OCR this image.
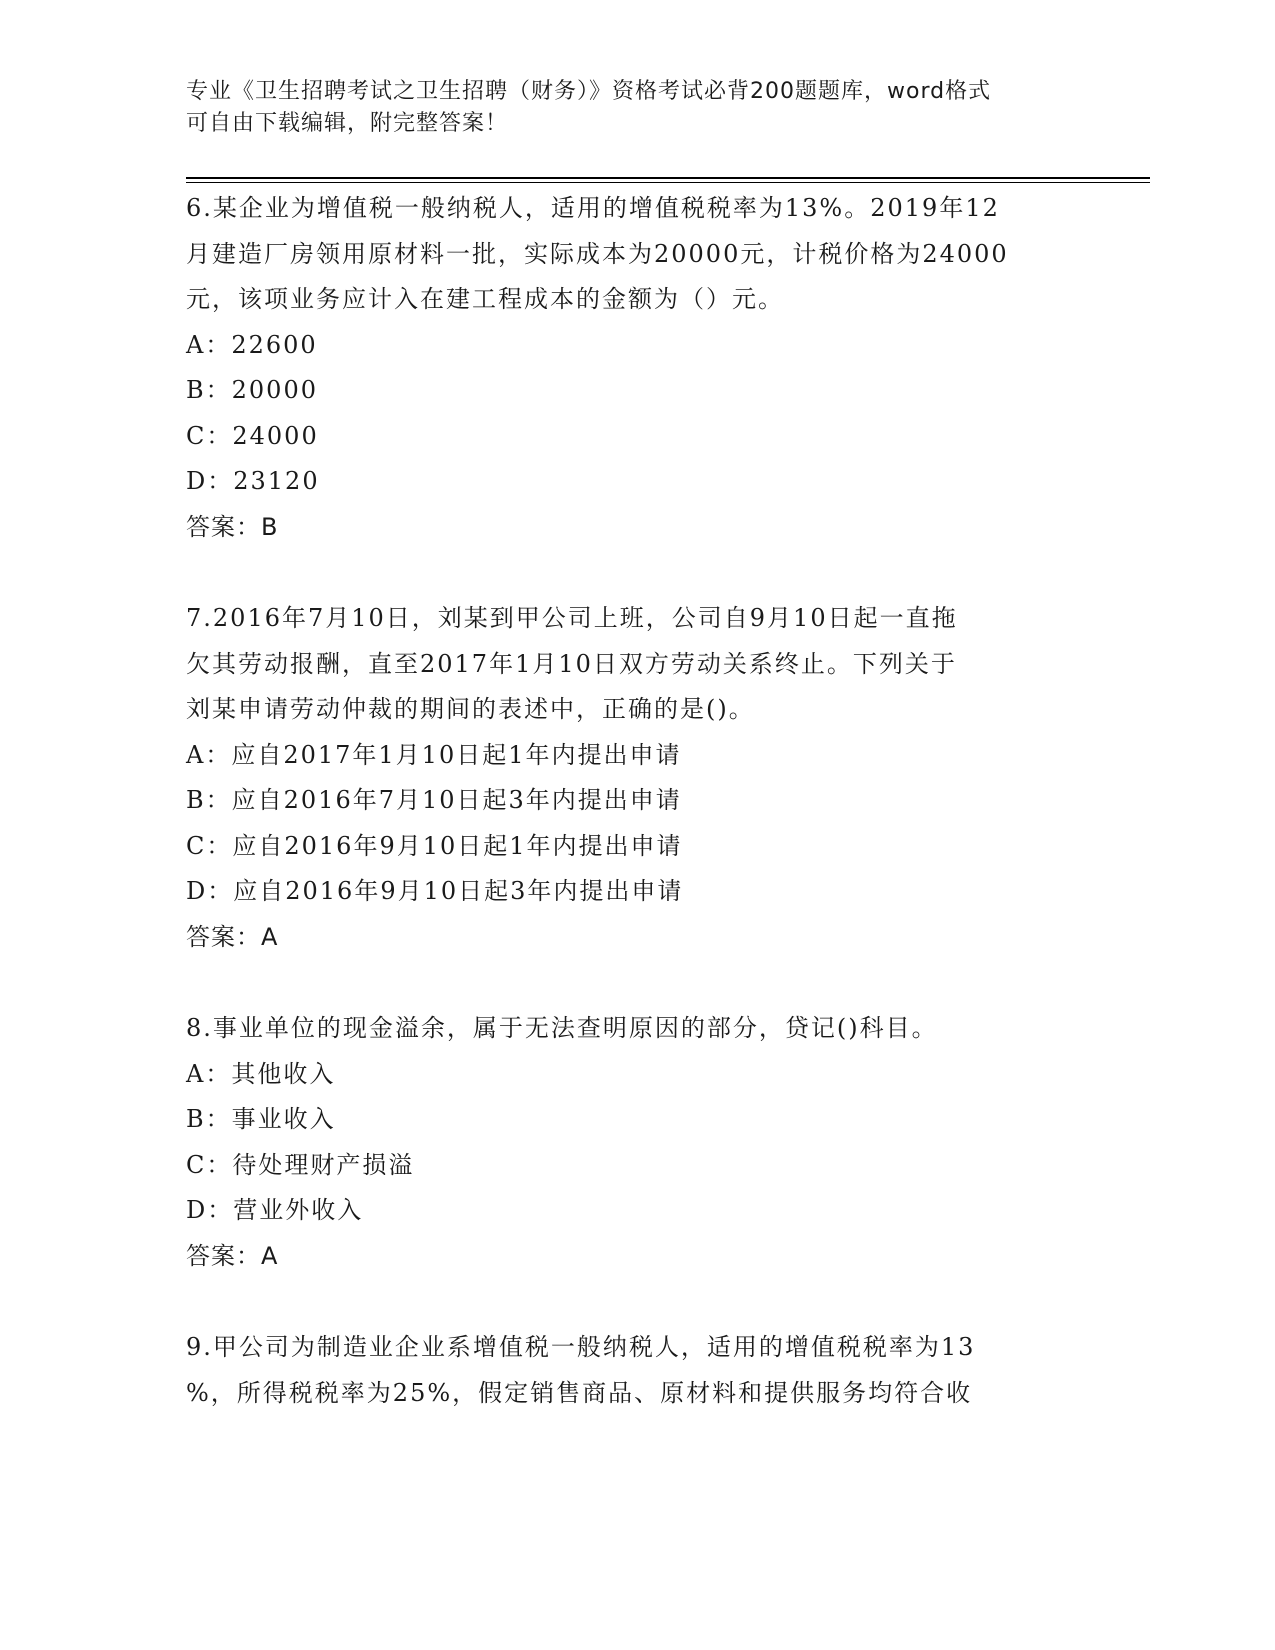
专业《卫生招聘考试之卫生招聘（财务）》资格考试必背200题题库，word格式
可自由下载编辑，附完整答案！
6.某企业为增值税一般纳税人，适用的增值税税率为13%。2019年12
月建造厂房领用原材料一批，实际成本为20000元，计税价格为24000
元，该项业务应计入在建工程成本的金额为（）元。
A：22600
B：20000
C：24000
D：23120
答案：B
7.2016年7月10日，刘某到甲公司上班，公司自9月10日起一直拖
欠其劳动报酬，直至2017年1月10日双方劳动关系终止。下列关于
刘某申请劳动仲裁的期间的表述中，正确的是()。
A：应自2017年1月10日起1年内提出申请
B：应自2016年7月10日起3年内提出申请
C：应自2016年9月10日起1年内提出申请
D：应自2016年9月10日起3年内提出申请
答案：A
8.事业单位的现金溢余，属于无法查明原因的部分，贷记()科目。
A：其他收入
B：事业收入
C：待处理财产损溢
D：营业外收入
答案：A
9.甲公司为制造业企业系增值税一般纳税人，适用的增值税税率为13
%，所得税税率为25%，假定销售商品、原材料和提供服务均符合收
